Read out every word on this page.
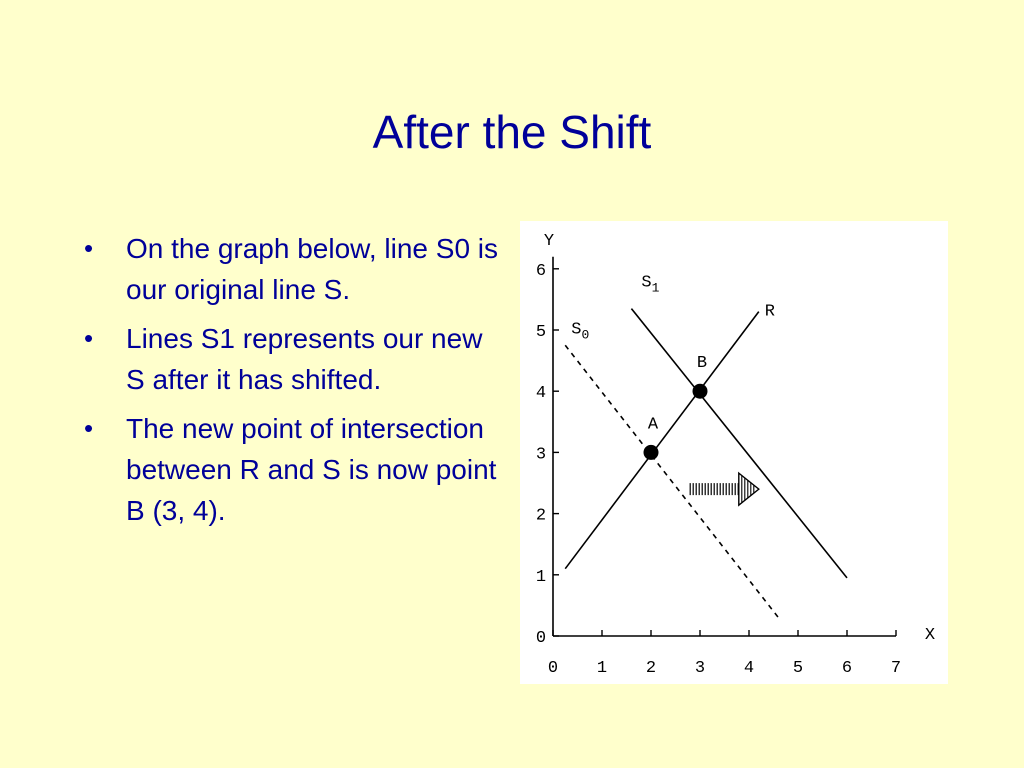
After the Shift
• On the graph below, line S0 is our original line S.
• Lines S1 represents our new S after it has shifted.
• The new point of intersection between R and S is now point B (3, 4).
0 1 2 3 4 5 6 7
0
1
2
3
4
5
6
X
Y
R
$S_1$
$S_0$
A
B
